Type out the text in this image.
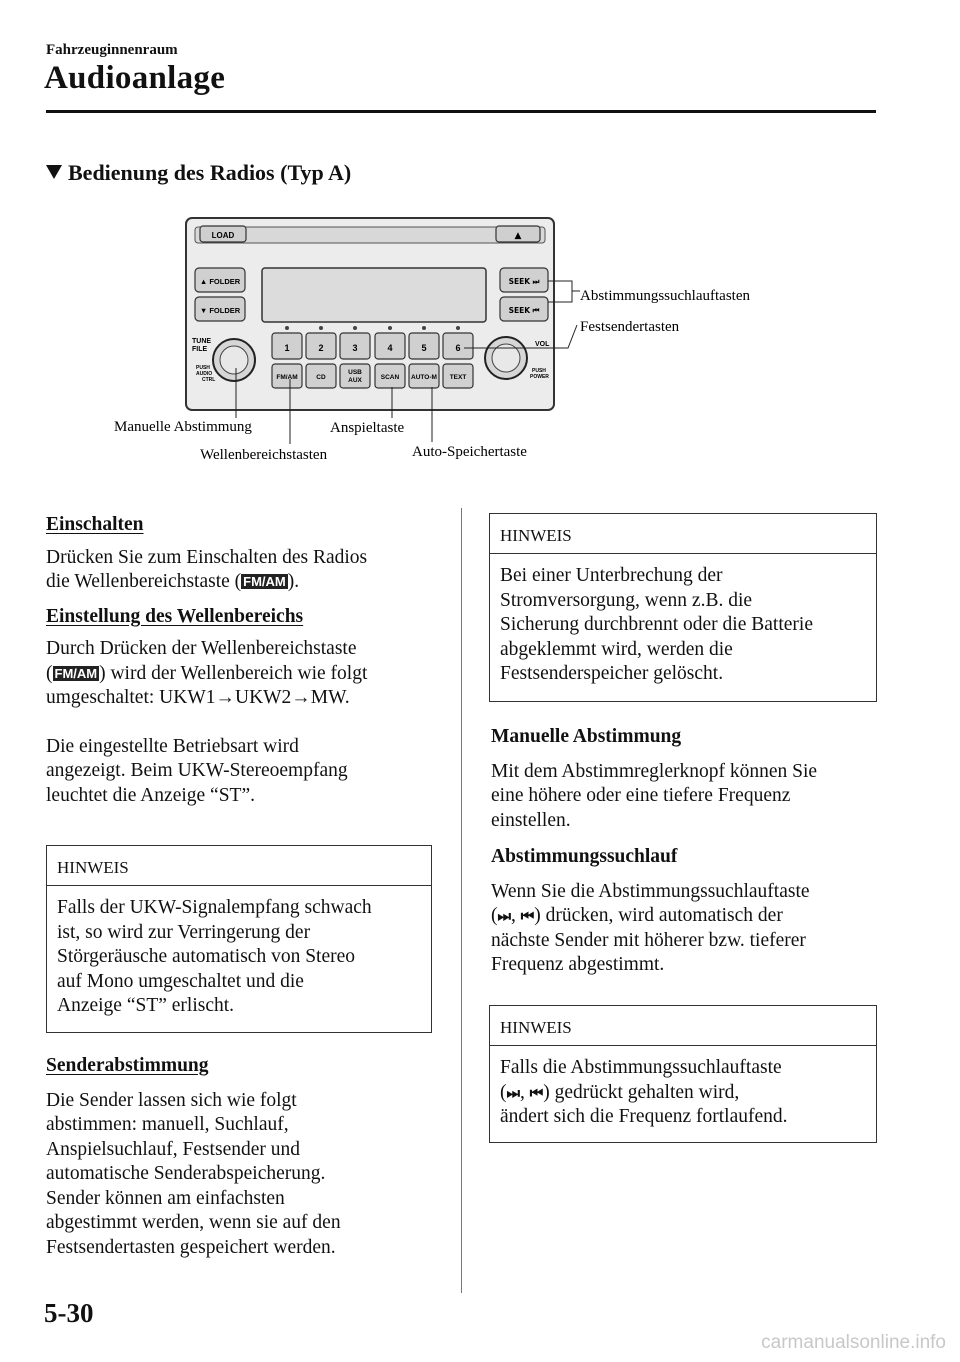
Fahrzeuginnenraum
Audioanlage
Bedienung des Radios (Typ A)
LOAD	▲
▲ FOLDER
▼ FOLDER
SEEK ⏭
SEEK ⏮
TUNE FILE
PUSH AUDIO CTRL
VOL
PUSH POWER
1	2	3	4	5	6
FM/AM	CD
USB
AUX	SCAN AUTO-M TEXT
Abstimmungssuchlauftasten
Festsendertasten
Manuelle Abstimmung	Anspieltaste
Wellenbereichstasten	Auto-Speichertaste

Einschalten

Drücken Sie zum Einschalten des Radios

die Wellenbereichstaste ( FM/AM ).

Einstellung des Wellenbereichs

Durch Drücken der Wellenbereichstaste

( FM/AM ) wird der Wellenbereich wie folgt

umgeschaltet: UKW1→UKW2→MW.

Die eingestellte Betriebsart wird

angezeigt. Beim UKW-Stereoempfang

leuchtet die Anzeige “ST”.

HINWEIS

Falls der UKW-Signalempfang schwach

ist, so wird zur Verringerung der

Störgeräusche automatisch von Stereo

auf Mono umgeschaltet und die

Anzeige “ST” erlischt.

Senderabstimmung

Die Sender lassen sich wie folgt

abstimmen: manuell, Suchlauf,

Anspielsuchlauf, Festsender und

automatische Senderabspeicherung.

Sender können am einfachsten

abgestimmt werden, wenn sie auf den

Festsendertasten gespeichert werden.

HINWEIS

Bei einer Unterbrechung der

Stromversorgung, wenn z.B. die

Sicherung durchbrennt oder die Batterie

abgeklemmt wird, werden die

Festsenderspeicher gelöscht.

Manuelle Abstimmung

Mit dem Abstimmreglerknopf können Sie

eine höhere oder eine tiefere Frequenz

einstellen.

Abstimmungssuchlauf

Wenn Sie die Abstimmungssuchlauftaste

(⏭, ⏮) drücken, wird automatisch der

nächste Sender mit höherer bzw. tieferer

Frequenz abgestimmt.

HINWEIS

Falls die Abstimmungssuchlauftaste

(⏭, ⏮) gedrückt gehalten wird,

ändert sich die Frequenz fortlaufend.

5-30
carmanualsonline.info
